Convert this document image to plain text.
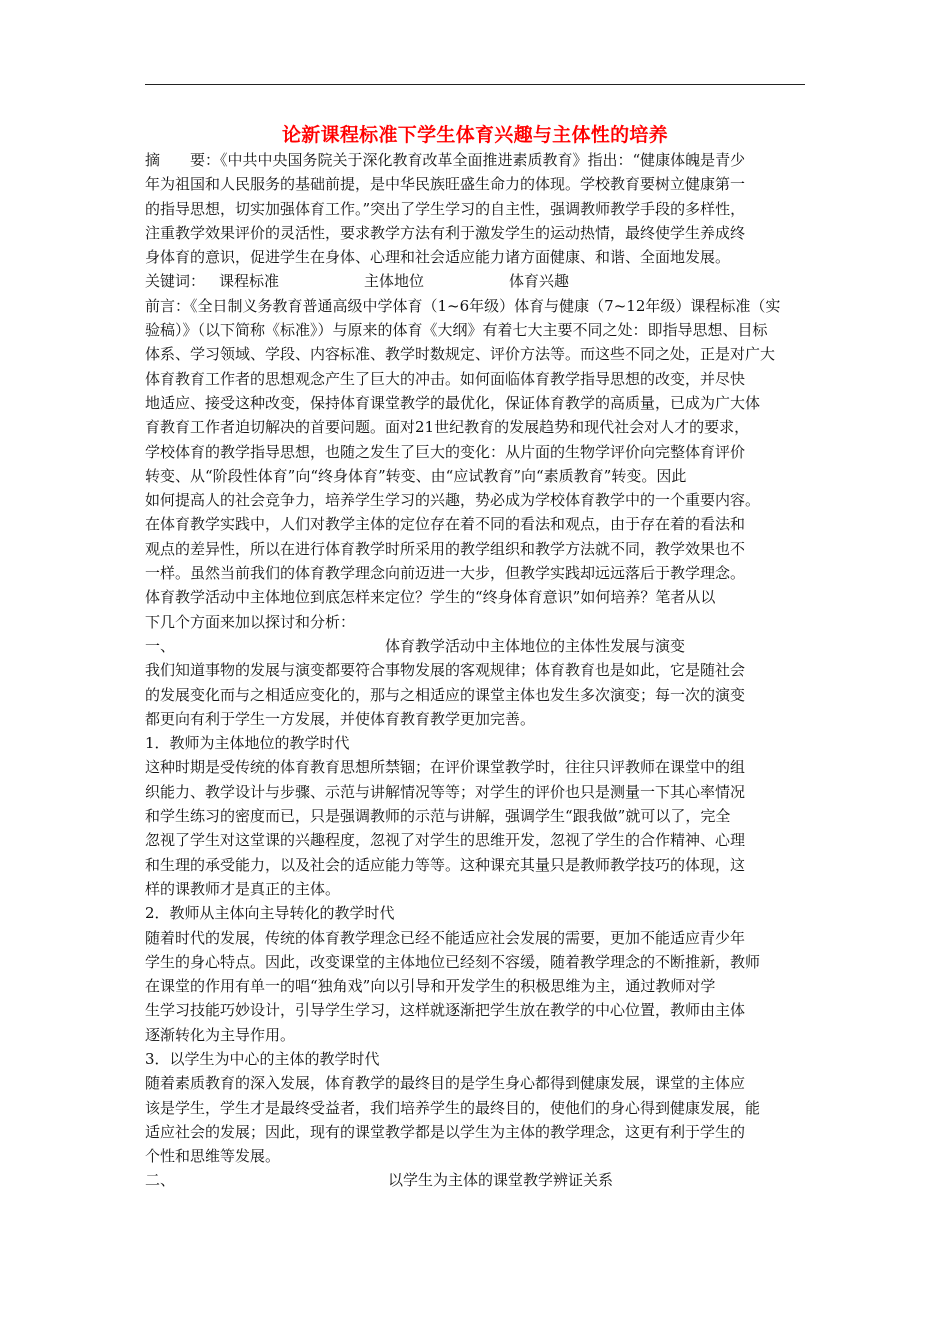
论新课程标准下学生体育兴趣与主体性的培养
摘　　要：《中共中央国务院关于深化教育改革全面推进素质教育》指出：“健康体魄是青少
年为祖国和人民服务的基础前提，是中华民族旺盛生命力的体现。学校教育要树立健康第一
的指导思想，切实加强体育工作。”突出了学生学习的自主性，强调教师教学手段的多样性，
注重教学效果评价的灵活性，要求教学方法有利于激发学生的运动热情，最终使学生养成终
身体育的意识，促进学生在身体、心理和社会适应能力诸方面健康、和谐、全面地发展。
关键词： 课程标准	主体地位	体育兴趣
前言：《全日制义务教育普通高级中学体育（1~6年级）体育与健康（7~12年级）课程标准（实
验稿）》（以下简称《标准》）与原来的体育《大纲》有着七大主要不同之处：即指导思想、目标
体系、学习领域、学段、内容标准、教学时数规定、评价方法等。而这些不同之处，正是对广大
体育教育工作者的思想观念产生了巨大的冲击。如何面临体育教学指导思想的改变，并尽快
地适应、接受这种改变，保持体育课堂教学的最优化，保证体育教学的高质量，已成为广大体
育教育工作者迫切解决的首要问题。面对21世纪教育的发展趋势和现代社会对人才的要求，
学校体育的教学指导思想，也随之发生了巨大的变化：从片面的生物学评价向完整体育评价
转变、从“阶段性体育”向“终身体育”转变、由“应试教育”向“素质教育”转变。因此
如何提高人的社会竞争力，培养学生学习的兴趣，势必成为学校体育教学中的一个重要内容。
在体育教学实践中，人们对教学主体的定位存在着不同的看法和观点，由于存在着的看法和
观点的差异性，所以在进行体育教学时所采用的教学组织和教学方法就不同，教学效果也不
一样。虽然当前我们的体育教学理念向前迈进一大步，但教学实践却远远落后于教学理念。
体育教学活动中主体地位到底怎样来定位？学生的“终身体育意识”如何培养？笔者从以
下几个方面来加以探讨和分析：
一、	体育教学活动中主体地位的主体性发展与演变
我们知道事物的发展与演变都要符合事物发展的客观规律；体育教育也是如此，它是随社会
的发展变化而与之相适应变化的，那与之相适应的课堂主体也发生多次演变；每一次的演变
都更向有利于学生一方发展，并使体育教育教学更加完善。
1．教师为主体地位的教学时代
这种时期是受传统的体育教育思想所禁锢；在评价课堂教学时，往往只评教师在课堂中的组
织能力、教学设计与步骤、示范与讲解情况等等；对学生的评价也只是测量一下其心率情况
和学生练习的密度而已，只是强调教师的示范与讲解，强调学生“跟我做”就可以了，完全
忽视了学生对这堂课的兴趣程度，忽视了对学生的思维开发，忽视了学生的合作精神、心理
和生理的承受能力，以及社会的适应能力等等。这种课充其量只是教师教学技巧的体现，这
样的课教师才是真正的主体。
2．教师从主体向主导转化的教学时代
随着时代的发展，传统的体育教学理念已经不能适应社会发展的需要，更加不能适应青少年
学生的身心特点。因此，改变课堂的主体地位已经刻不容缓，随着教学理念的不断推新，教师
在课堂的作用有单一的唱“独角戏”向以引导和开发学生的积极思维为主，通过教师对学
生学习技能巧妙设计，引导学生学习，这样就逐渐把学生放在教学的中心位置，教师由主体
逐渐转化为主导作用。
3．以学生为中心的主体的教学时代
随着素质教育的深入发展，体育教学的最终目的是学生身心都得到健康发展，课堂的主体应
该是学生，学生才是最终受益者，我们培养学生的最终目的，使他们的身心得到健康发展，能
适应社会的发展；因此，现有的课堂教学都是以学生为主体的教学理念，这更有利于学生的
个性和思维等发展。
二、	以学生为主体的课堂教学辨证关系
